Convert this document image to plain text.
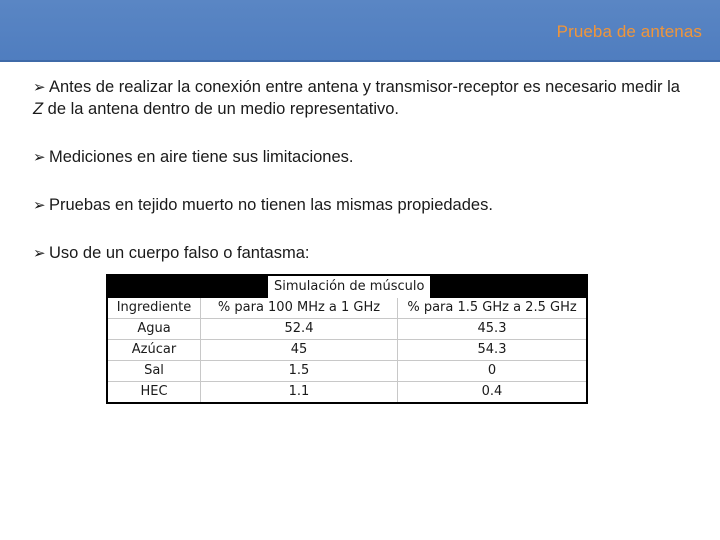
Prueba de antenas

➢ Antes de realizar la conexión entre antena y transmisor-receptor es necesario medir la Z de la antena dentro de un medio representativo.

➢ Mediciones en aire tiene sus limitaciones.

➢ Pruebas en tejido muerto no tienen las mismas propiedades.

➢ Uso de un cuerpo falso o fantasma:

Simulación de músculo
Ingrediente	% para 100 MHz a 1 GHz	% para 1.5 GHz a 2.5 GHz
Agua	52.4	45.3
Azúcar	45	54.3
Sal	1.5	0
HEC	1.1	0.4
